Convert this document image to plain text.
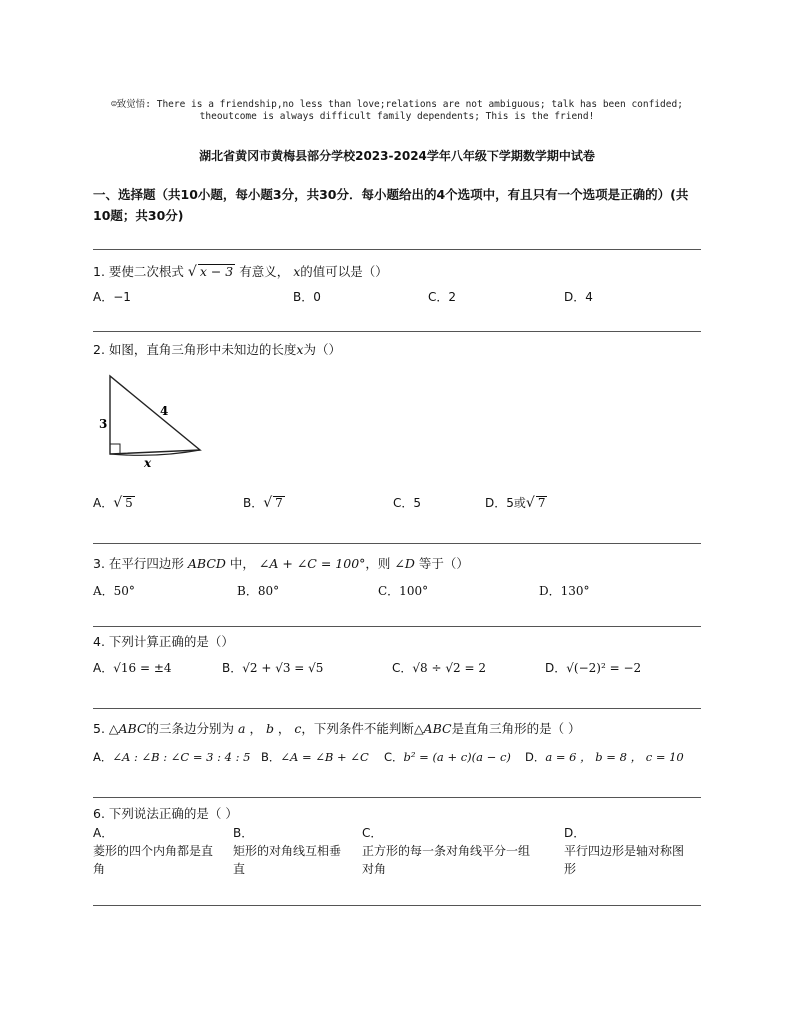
☺致觉悟: There is a friendship,no less than love;relations are not ambiguous; talk has been confided;
theoutcome is always difficult family dependents; This is the friend!
湖北省黄冈市黄梅县部分学校2023-2024学年八年级下学期数学期中试卷
一、选择题（共10小题，每小题3分，共30分．每小题给出的4个选项中，有且只有一个选项是正确的）(共10题；共30分)
1. 要使二次根式 √ x − 3 有意义， x的值可以是（）
A．−1	B．0	C．2	D．4
2. 如图，直角三角形中未知边的长度x为（）
3
4
x
A．√ 5	B．√ 7	C．5	D．5或√ 7
3. 在平行四边形 ABCD 中， ∠A + ∠C = 100°，则 ∠D 等于（）
A．50°	B．80°	C．100°	D．130°
4. 下列计算正确的是（）
A．√16 = ±4	B．√2 + √3 = √5	C．√8 ÷ √2 = 2	D．√(−2)² = −2
5. △ABC的三条边分别为 a ， b ， c，下列条件不能判断△ABC是直角三角形的是（ ）
A．∠A : ∠B : ∠C = 3 : 4 : 5 B．∠A = ∠B + ∠C C．b² = (a + c)(a − c) D．a = 6 ， b = 8 ， c = 10
6. 下列说法正确的是（ ）
A．
菱形的四个内角都是直
角
B．
矩形的对角线互相垂
直
C．
正方形的每一条对角线平分一组
对角
D．
平行四边形是轴对称图
形
